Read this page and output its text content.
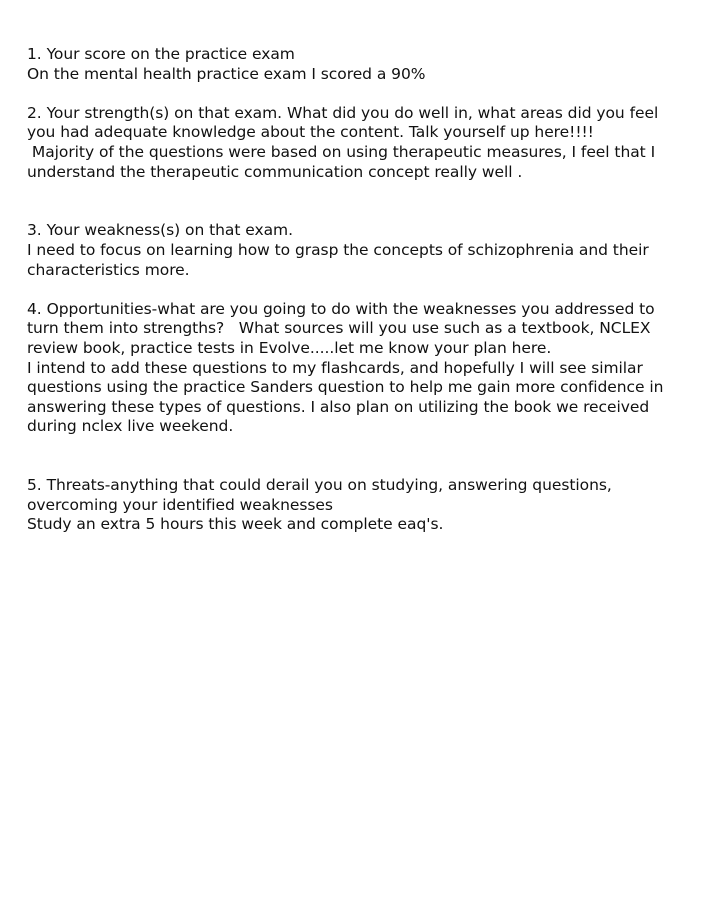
1. Your score on the practice exam
On the mental health practice exam I scored a 90%
2. Your strength(s) on that exam. What did you do well in, what areas did you feel
you had adequate knowledge about the content. Talk yourself up here!!!!
Majority of the questions were based on using therapeutic measures, I feel that I
understand the therapeutic communication concept really well .
3. Your weakness(s) on that exam.
I need to focus on learning how to grasp the concepts of schizophrenia and their
characteristics more.
4. Opportunities-what are you going to do with the weaknesses you addressed to
turn them into strengths?   What sources will you use such as a textbook, NCLEX
review book, practice tests in Evolve.....let me know your plan here.
I intend to add these questions to my flashcards, and hopefully I will see similar
questions using the practice Sanders question to help me gain more confidence in
answering these types of questions. I also plan on utilizing the book we received
during nclex live weekend.
5. Threats-anything that could derail you on studying, answering questions,
overcoming your identified weaknesses
Study an extra 5 hours this week and complete eaq's.
